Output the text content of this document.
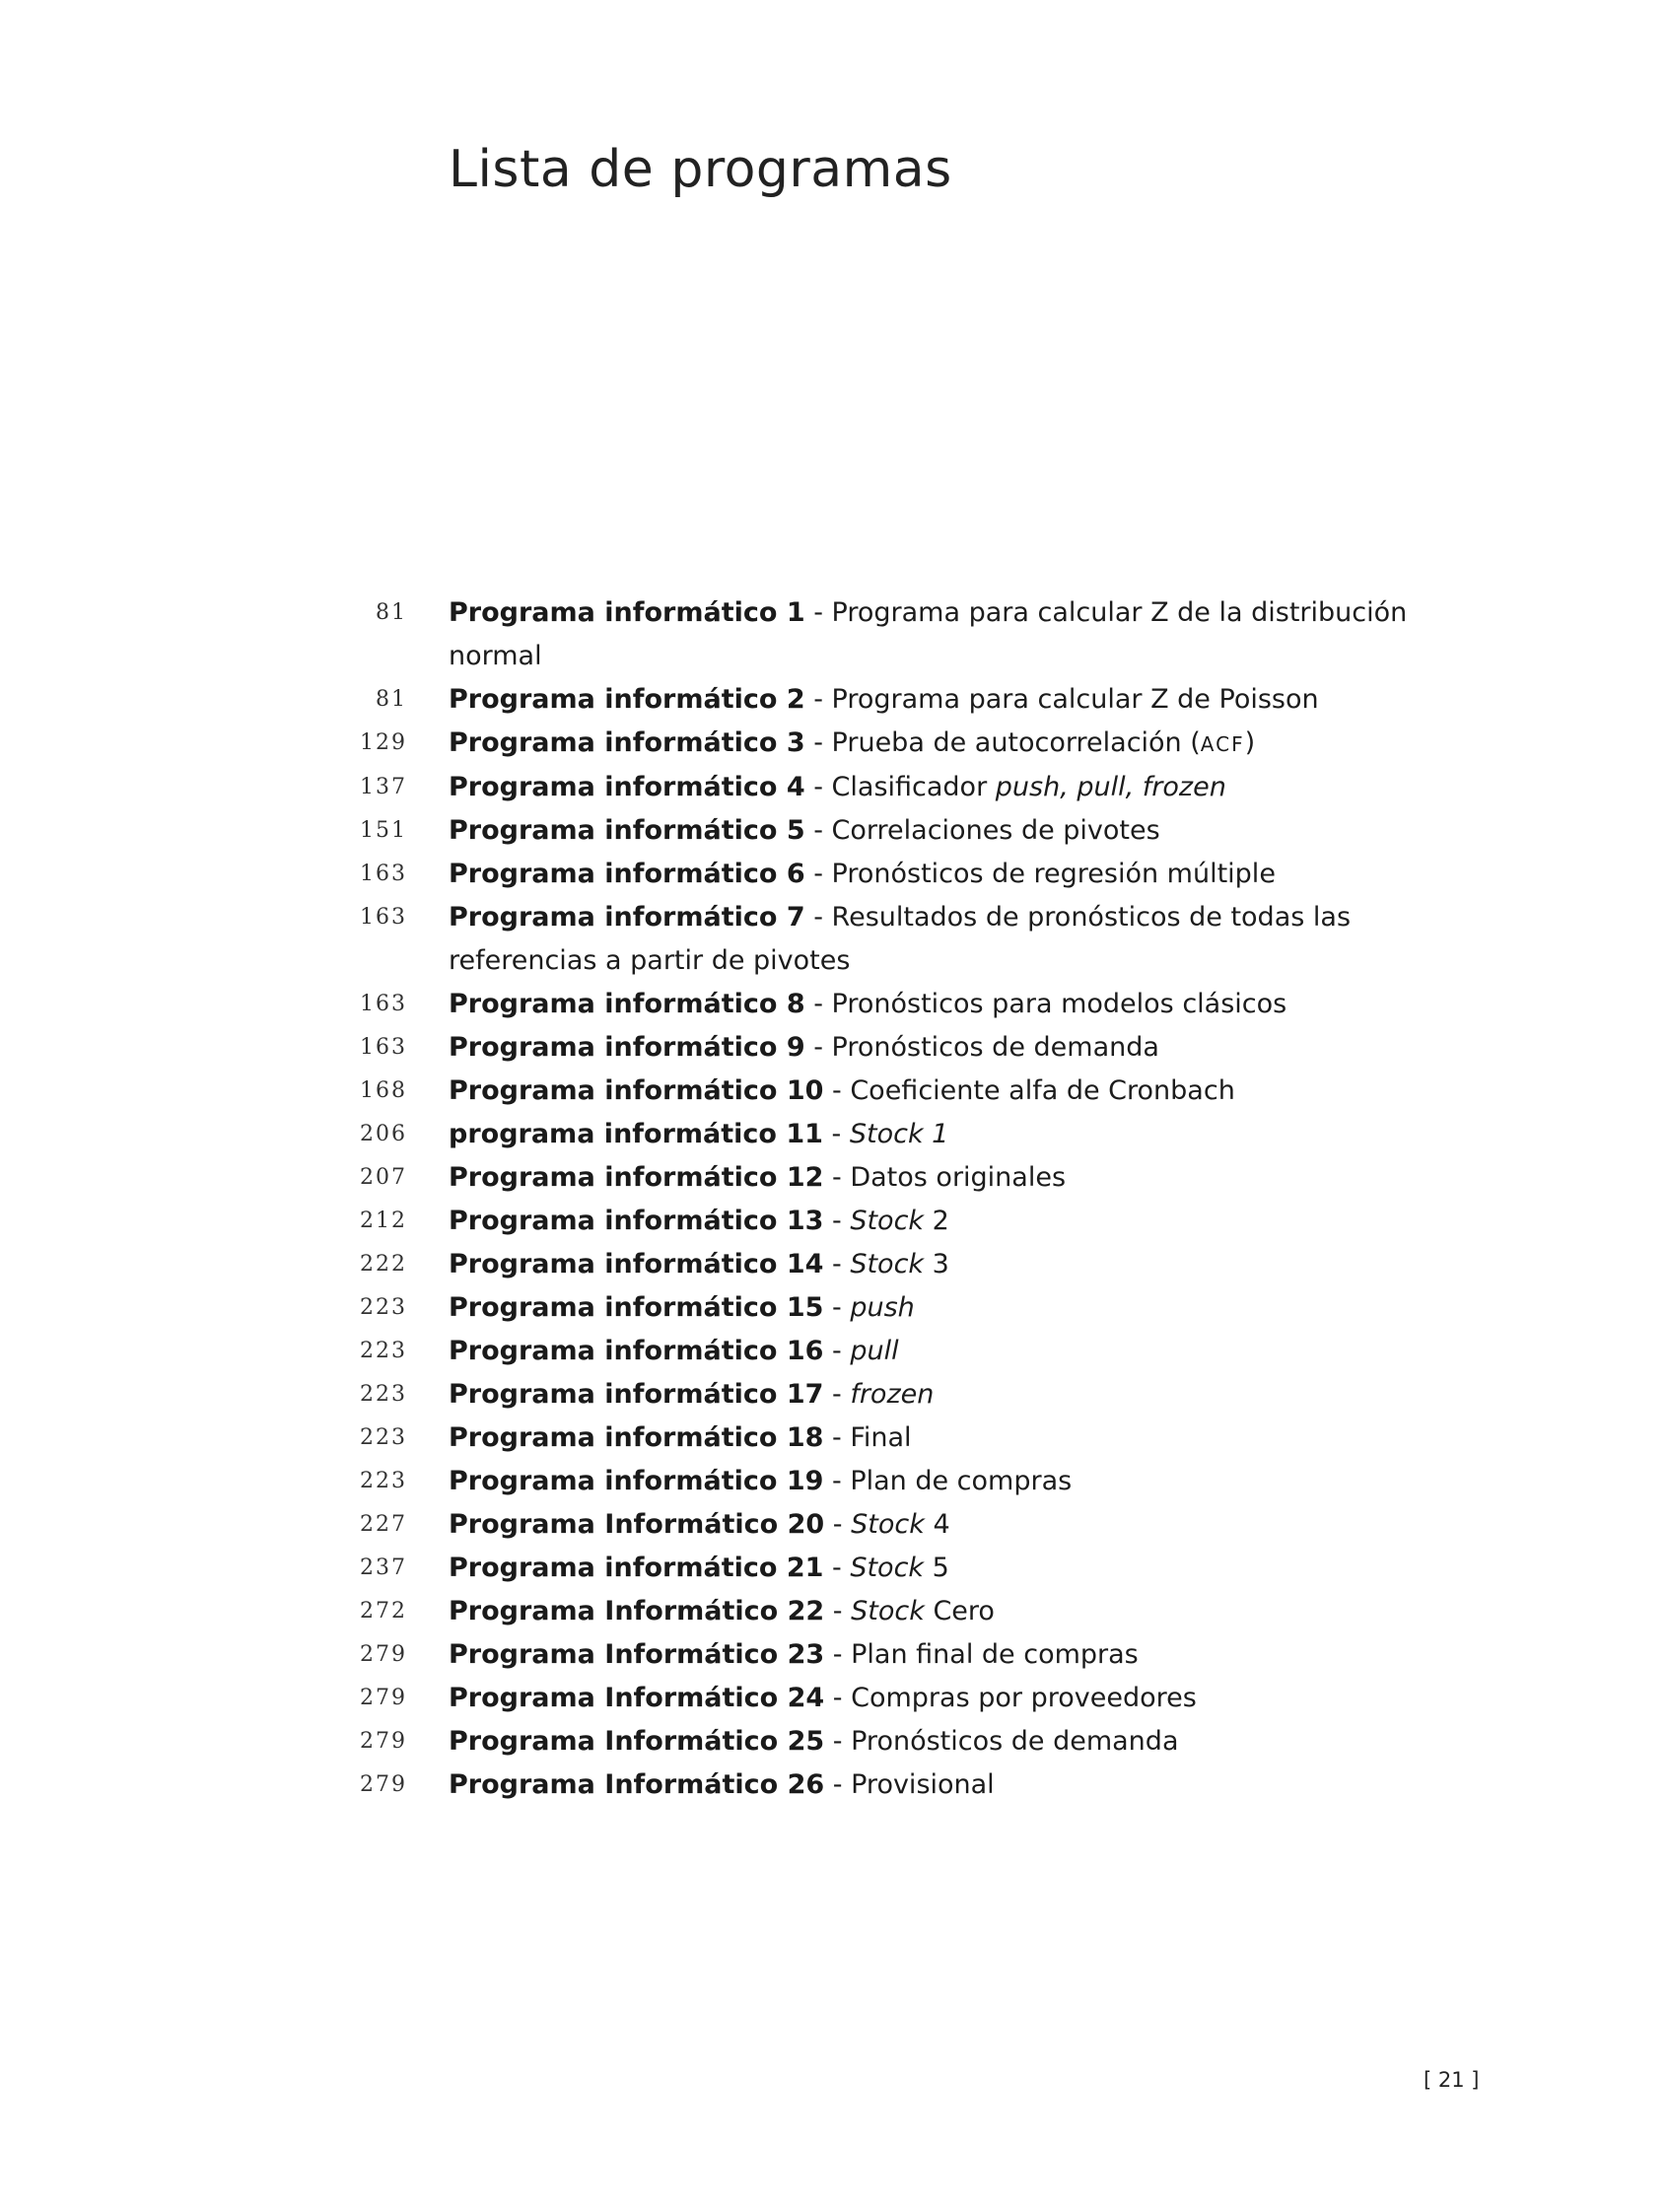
Lista de programas
81 Programa informático 1 - Programa para calcular Z de la distribución normal
81 Programa informático 2 - Programa para calcular Z de Poisson
129 Programa informático 3 - Prueba de autocorrelación (ACF)
137 Programa informático 4 - Clasificador push, pull, frozen
151 Programa informático 5 - Correlaciones de pivotes
163 Programa informático 6 - Pronósticos de regresión múltiple
163 Programa informático 7 - Resultados de pronósticos de todas las referencias a partir de pivotes
163 Programa informático 8 - Pronósticos para modelos clásicos
163 Programa informático 9 - Pronósticos de demanda
168 Programa informático 10 - Coeficiente alfa de Cronbach
206 programa informático 11 - Stock 1
207 Programa informático 12 - Datos originales
212 Programa informático 13 - Stock 2
222 Programa informático 14 - Stock 3
223 Programa informático 15 - push
223 Programa informático 16 - pull
223 Programa informático 17 - frozen
223 Programa informático 18 - Final
223 Programa informático 19 - Plan de compras
227 Programa Informático 20 - Stock 4
237 Programa informático 21 - Stock 5
272 Programa Informático 22 - Stock Cero
279 Programa Informático 23 - Plan final de compras
279 Programa Informático 24 - Compras por proveedores
279 Programa Informático 25 - Pronósticos de demanda
279 Programa Informático 26 - Provisional
[ 21 ]
